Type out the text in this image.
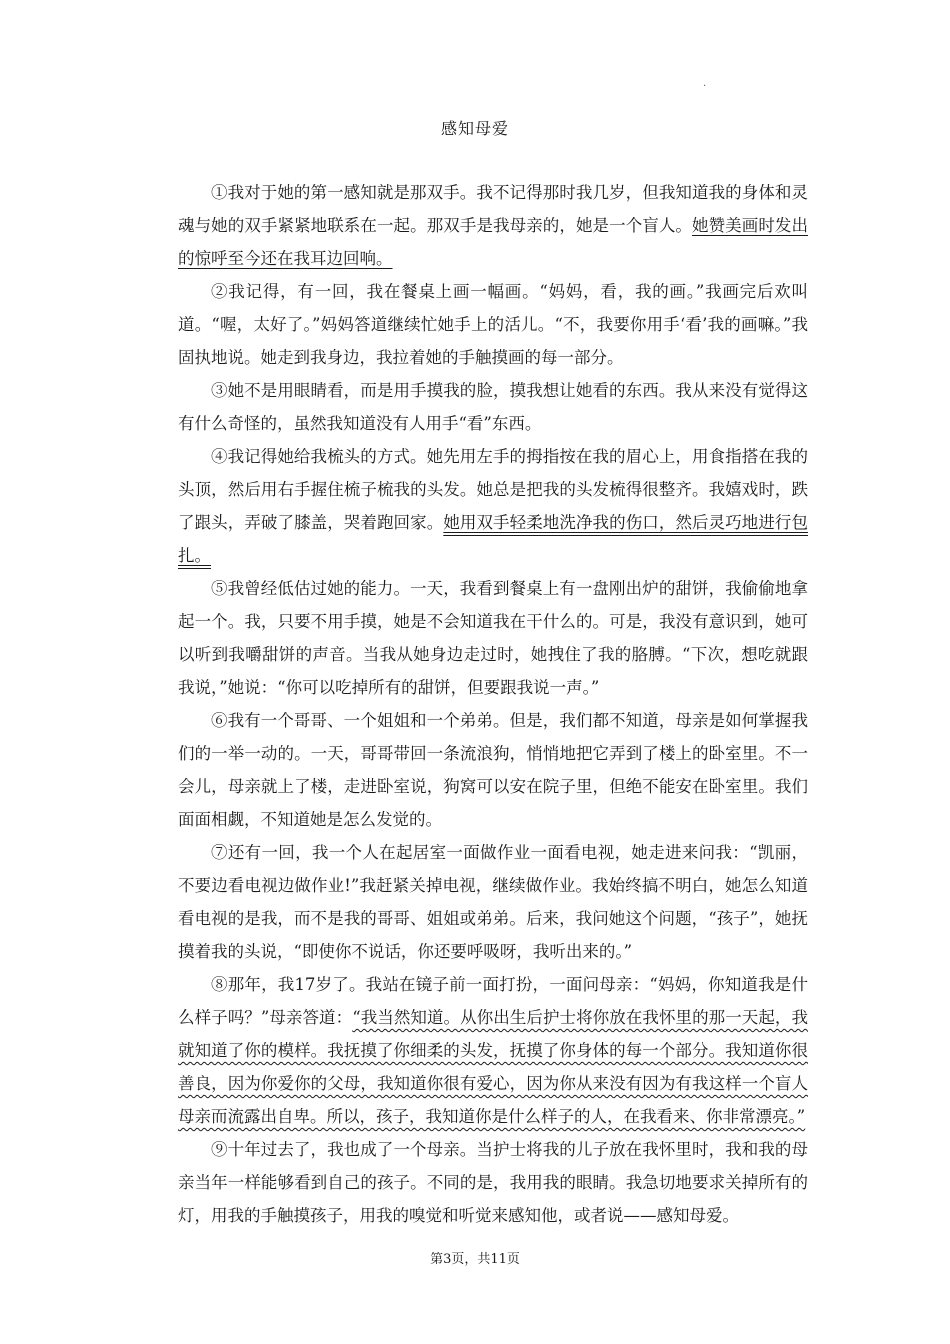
.
感知母爱

①我对于她的第一感知就是那双手。我不记得那时我几岁，但我知道我的身体和灵魂与她的双手紧紧地联系在一起。那双手是我母亲的，她是一个盲人。她赞美画时发出的惊呼至今还在我耳边回响。

②我记得，有一回，我在餐桌上画一幅画。“妈妈，看，我的画。”我画完后欢叫道。“喔，太好了。”妈妈答道继续忙她手上的活儿。“不，我要你用手‘看’我的画嘛。”我固执地说。她走到我身边，我拉着她的手触摸画的每一部分。

③她不是用眼睛看，而是用手摸我的脸，摸我想让她看的东西。我从来没有觉得这有什么奇怪的，虽然我知道没有人用手“看”东西。

④我记得她给我梳头的方式。她先用左手的拇指按在我的眉心上，用食指搭在我的头顶，然后用右手握住梳子梳我的头发。她总是把我的头发梳得很整齐。我嬉戏时，跌了跟头，弄破了膝盖，哭着跑回家。她用双手轻柔地洗净我的伤口，然后灵巧地进行包扎。

⑤我曾经低估过她的能力。一天，我看到餐桌上有一盘刚出炉的甜饼，我偷偷地拿起一个。我，只要不用手摸，她是不会知道我在干什么的。可是，我没有意识到，她可以听到我嚼甜饼的声音。当我从她身边走过时，她拽住了我的胳膊。“下次，想吃就跟我说，”她说：“你可以吃掉所有的甜饼，但要跟我说一声。”

⑥我有一个哥哥、一个姐姐和一个弟弟。但是，我们都不知道，母亲是如何掌握我们的一举一动的。一天，哥哥带回一条流浪狗，悄悄地把它弄到了楼上的卧室里。不一会儿，母亲就上了楼，走进卧室说，狗窝可以安在院子里，但绝不能安在卧室里。我们面面相觑，不知道她是怎么发觉的。

⑦还有一回，我一个人在起居室一面做作业一面看电视，她走进来问我：“凯丽，不要边看电视边做作业!”我赶紧关掉电视，继续做作业。我始终搞不明白，她怎么知道看电视的是我，而不是我的哥哥、姐姐或弟弟。后来，我问她这个问题，“孩子”，她抚摸着我的头说，“即使你不说话，你还要呼吸呀，我听出来的。”

⑧那年，我17岁了。我站在镜子前一面打扮，一面问母亲：“妈妈，你知道我是什么样子吗？”母亲答道：“我当然知道。从你出生后护士将你放在我怀里的那一天起，我就知道了你的模样。我抚摸了你细柔的头发，抚摸了你身体的每一个部分。我知道你很善良，因为你爱你的父母，我知道你很有爱心，因为你从来没有因为有我这样一个盲人母亲而流露出自卑。所以，孩子，我知道你是什么样子的人，在我看来、你非常漂亮。”

⑨十年过去了，我也成了一个母亲。当护士将我的儿子放在我怀里时，我和我的母亲当年一样能够看到自己的孩子。不同的是，我用我的眼睛。我急切地要求关掉所有的灯，用我的手触摸孩子，用我的嗅觉和听觉来感知他，或者说——感知母爱。

第3页，共11页
